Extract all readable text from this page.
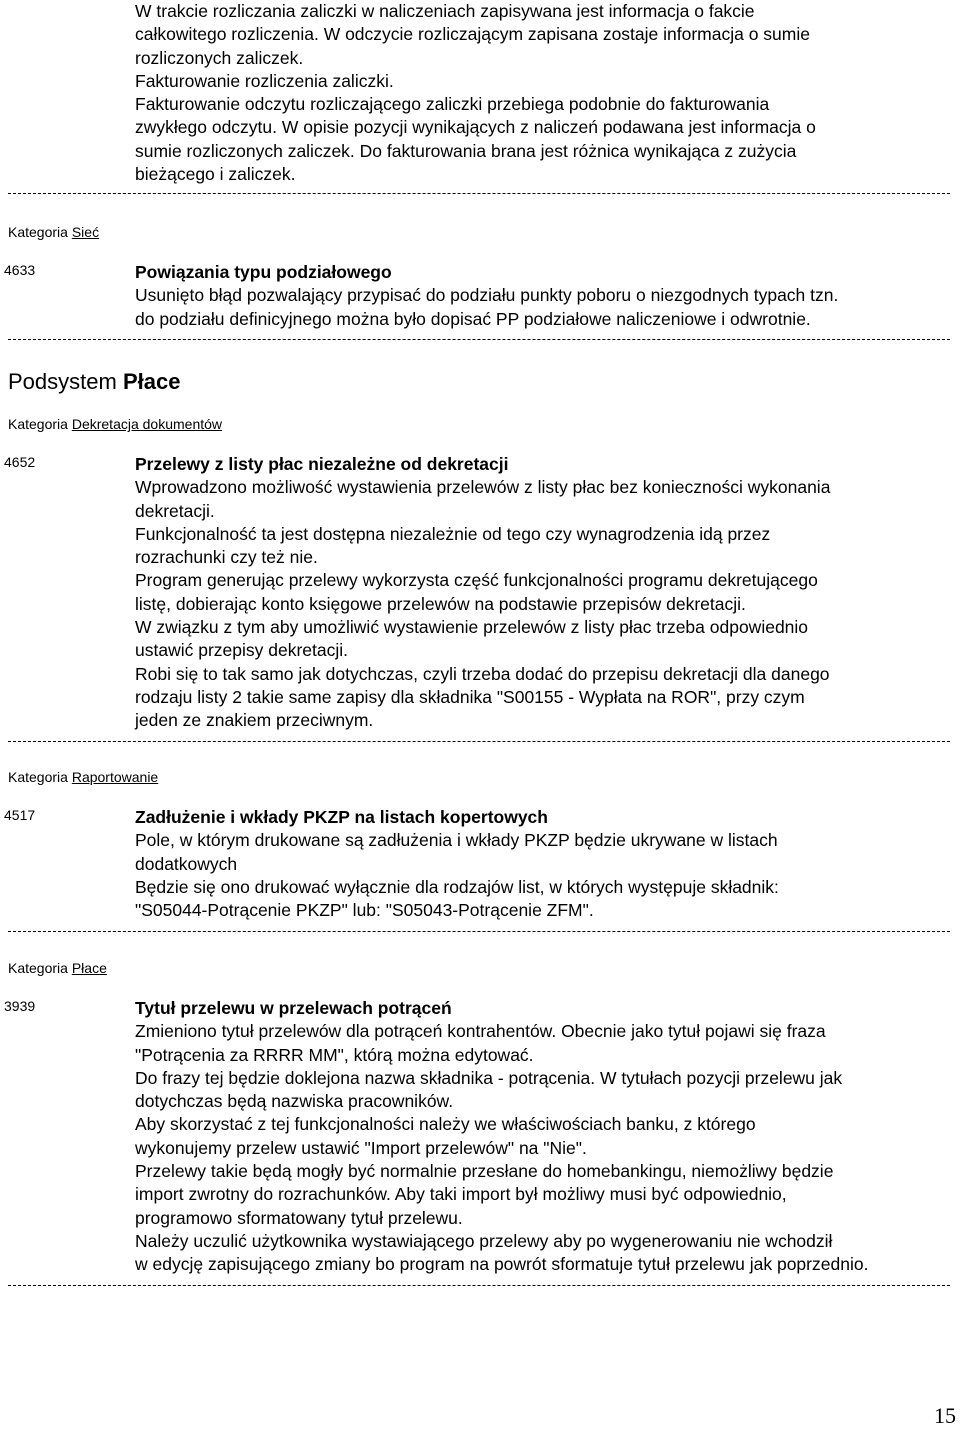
W trakcie rozliczania zaliczki w naliczeniach zapisywana jest informacja o fakcie
całkowitego rozliczenia. W odczycie rozliczającym zapisana zostaje informacja o sumie
rozliczonych zaliczek.
Fakturowanie rozliczenia zaliczki.
Fakturowanie odczytu rozliczającego zaliczki przebiega podobnie do fakturowania
zwykłego odczytu. W opisie pozycji wynikających z naliczeń podawana jest informacja o
sumie rozliczonych zaliczek. Do fakturowania brana jest różnica wynikająca z zużycia
bieżącego i zaliczek.
Kategoria Sieć
4633	Powiązania typu podziałowego
Usunięto błąd pozwalający przypisać do podziału punkty poboru o niezgodnych typach tzn.
do podziału definicyjnego można było dopisać PP podziałowe naliczeniowe i odwrotnie.
Podsystem Płace
Kategoria Dekretacja dokumentów
4652	Przelewy z listy płac niezależne od dekretacji
Wprowadzono możliwość wystawienia przelewów z listy płac bez konieczności wykonania
dekretacji.
Funkcjonalność ta jest dostępna niezależnie od tego czy wynagrodzenia idą przez
rozrachunki czy też nie.
Program generując przelewy wykorzysta część funkcjonalności programu dekretującego
listę, dobierając konto księgowe przelewów na podstawie przepisów dekretacji.
W związku z tym aby umożliwić wystawienie przelewów z listy płac trzeba odpowiednio
ustawić przepisy dekretacji.
Robi się to tak samo jak dotychczas, czyli trzeba dodać do przepisu dekretacji dla danego
rodzaju listy 2 takie same zapisy dla składnika "S00155 - Wypłata na ROR", przy czym
jeden ze znakiem przeciwnym.
Kategoria Raportowanie
4517	Zadłużenie i wkłady PKZP na listach kopertowych
Pole, w którym drukowane są zadłużenia i wkłady PKZP będzie ukrywane w listach
dodatkowych
Będzie się ono drukować wyłącznie dla rodzajów list, w których występuje składnik:
"S05044-Potrącenie PKZP" lub: "S05043-Potrącenie ZFM".
Kategoria Płace
3939	Tytuł przelewu w przelewach potrąceń
Zmieniono tytuł przelewów dla potrąceń kontrahentów. Obecnie jako tytuł pojawi się fraza
"Potrącenia za RRRR MM", którą można edytować.
Do frazy tej będzie doklejona nazwa składnika - potrącenia. W tytułach pozycji przelewu jak
dotychczas będą nazwiska pracowników.
Aby skorzystać z tej funkcjonalności należy we właściwościach banku, z którego
wykonujemy przelew ustawić "Import przelewów" na "Nie".
Przelewy takie będą mogły być normalnie przesłane do homebankingu, niemożliwy będzie
import zwrotny do rozrachunków. Aby taki import był możliwy musi być odpowiednio,
programowo sformatowany tytuł przelewu.
Należy uczulić użytkownika wystawiającego przelewy aby po wygenerowaniu nie wchodził
w edycję zapisującego zmiany bo program na powrót sformatuje tytuł przelewu jak poprzednio.
15
